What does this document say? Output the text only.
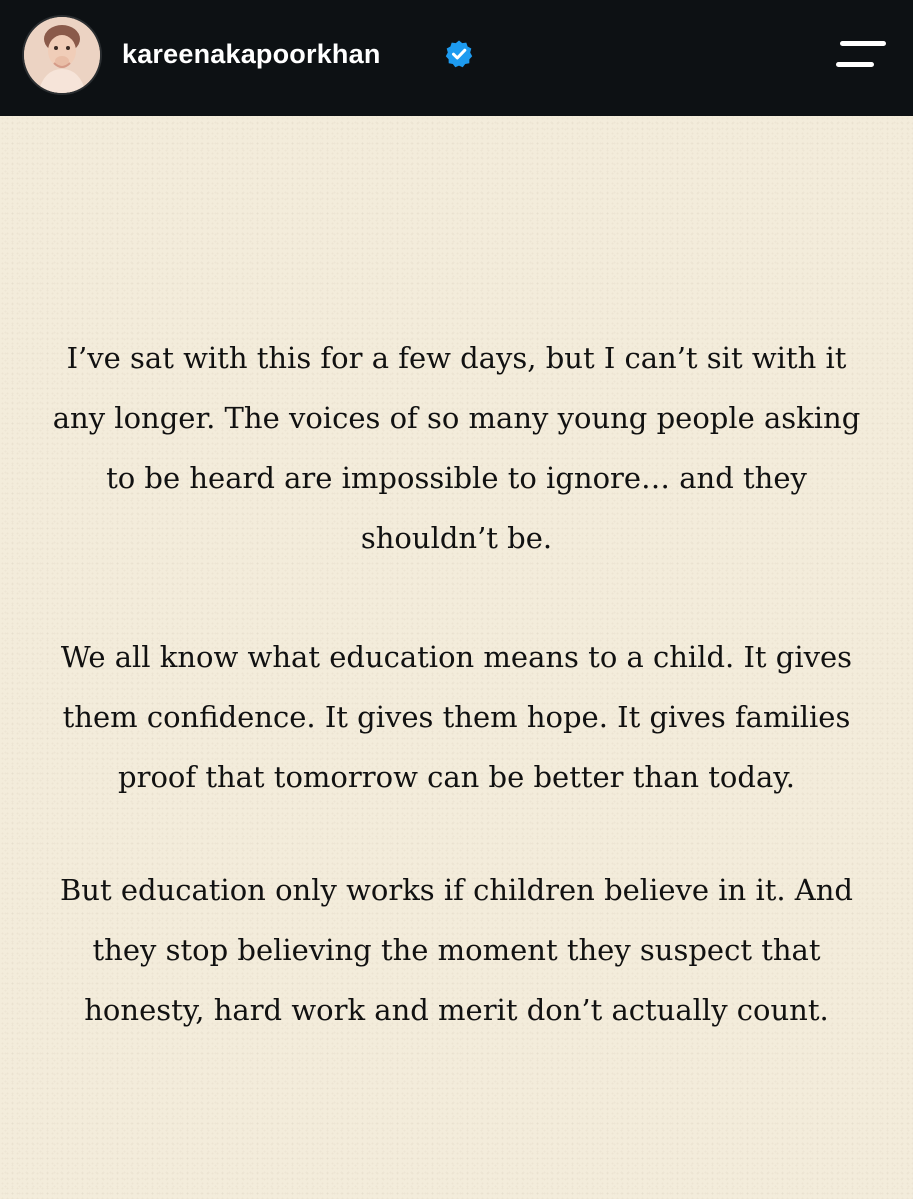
kareenakapoorkhan

I’ve sat with this for a few days, but I can’t sit with it
any longer. The voices of so many young people asking
to be heard are impossible to ignore… and they
shouldn’t be.

We all know what education means to a child. It gives
them confidence. It gives them hope. It gives families
proof that tomorrow can be better than today.

But education only works if children believe in it. And
they stop believing the moment they suspect that
honesty, hard work and merit don’t actually count.
